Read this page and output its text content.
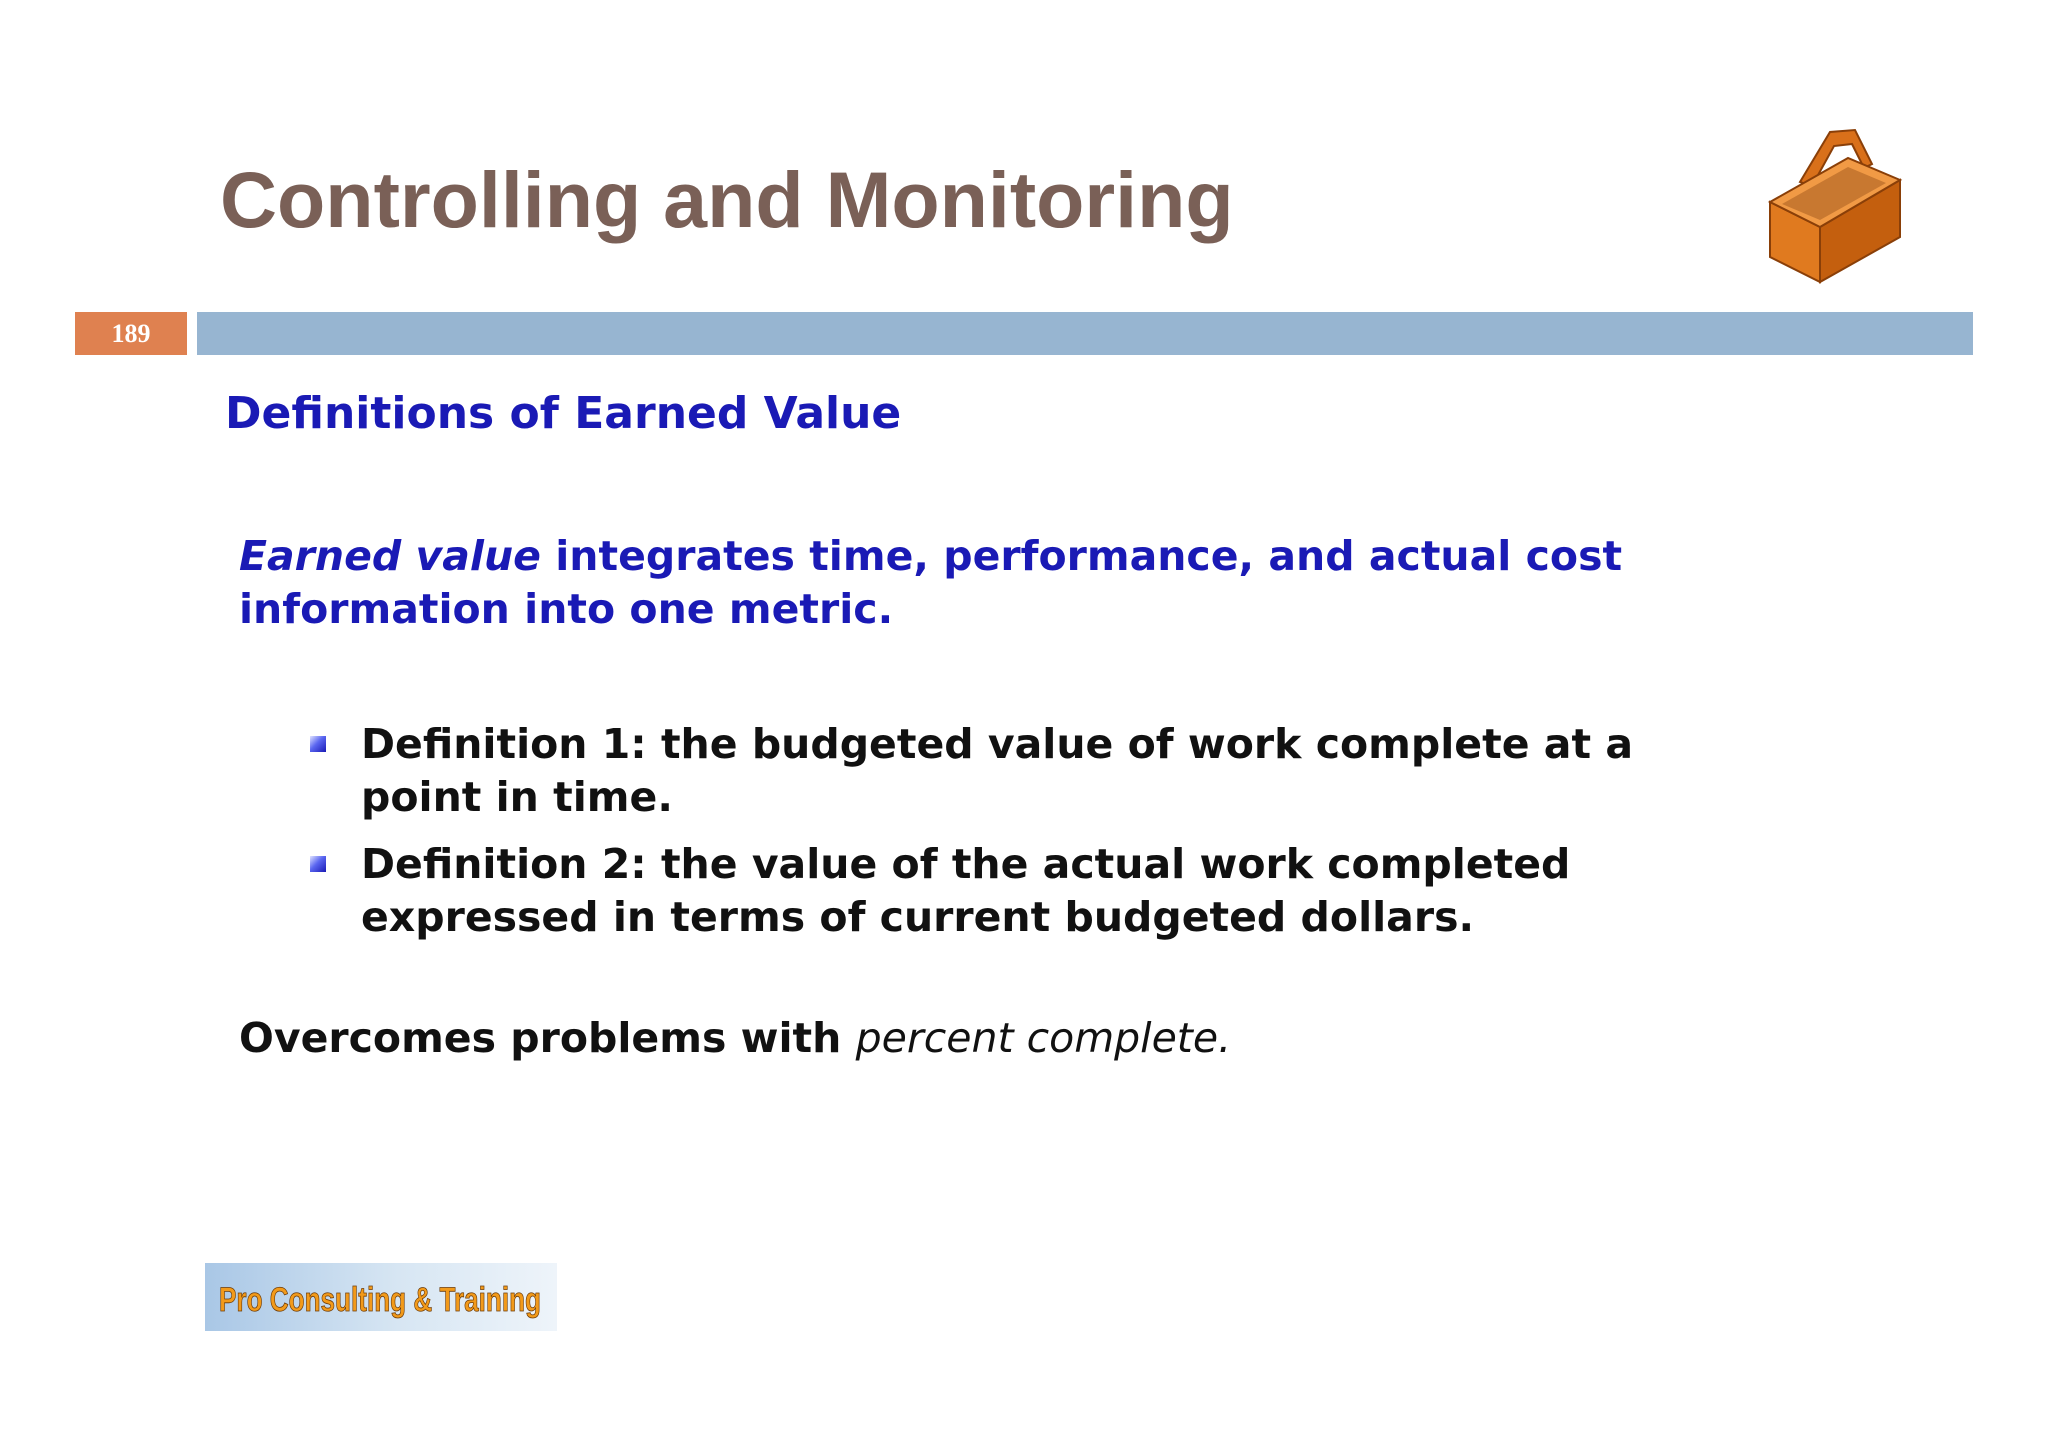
Controlling and Monitoring
189
Definitions of Earned Value
Earned value integrates time, performance, and actual cost information into one metric.
Definition 1: the budgeted value of work complete at a point in time.
Definition 2: the value of the actual work completed expressed in terms of current budgeted dollars.
Overcomes problems with percent complete.
Pro Consulting & Training
